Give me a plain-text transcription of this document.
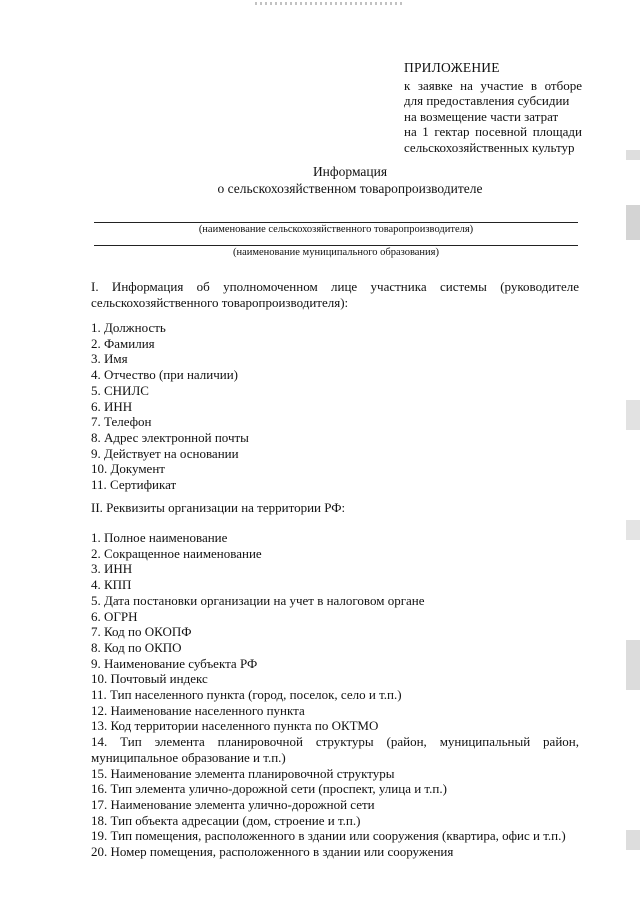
ПРИЛОЖЕНИЕ
к заявке на участие в отборе
для предоставления субсидии
на возмещение части затрат
на 1 гектар посевной площади
сельскохозяйственных культур
Информация
о сельскохозяйственном товаропроизводителе
(наименование сельскохозяйственного товаропроизводителя)
(наименование муниципального образования)
I. Информация об уполномоченном лице участника системы (руководителе
сельскохозяйственного товаропроизводителя):
1. Должность
2. Фамилия
3. Имя
4. Отчество (при наличии)
5. СНИЛС
6. ИНН
7. Телефон
8. Адрес электронной почты
9. Действует на основании
10. Документ
11. Сертификат
II. Реквизиты организации на территории РФ:
1. Полное наименование
2. Сокращенное наименование
3. ИНН
4. КПП
5. Дата постановки организации на учет в налоговом органе
6. ОГРН
7. Код по ОКОПФ
8. Код по ОКПО
9. Наименование субъекта РФ
10. Почтовый индекс
11. Тип населенного пункта (город, поселок, село и т.п.)
12. Наименование населенного пункта
13. Код территории населенного пункта по ОКТМО
14. Тип элемента планировочной структуры (район, муниципальный район,
муниципальное образование и т.п.)
15. Наименование элемента планировочной структуры
16. Тип элемента улично-дорожной сети (проспект, улица и т.п.)
17. Наименование элемента улично-дорожной сети
18. Тип объекта адресации (дом, строение и т.п.)
19. Тип помещения, расположенного в здании или сооружения (квартира, офис и т.п.)
20. Номер помещения, расположенного в здании или сооружения
